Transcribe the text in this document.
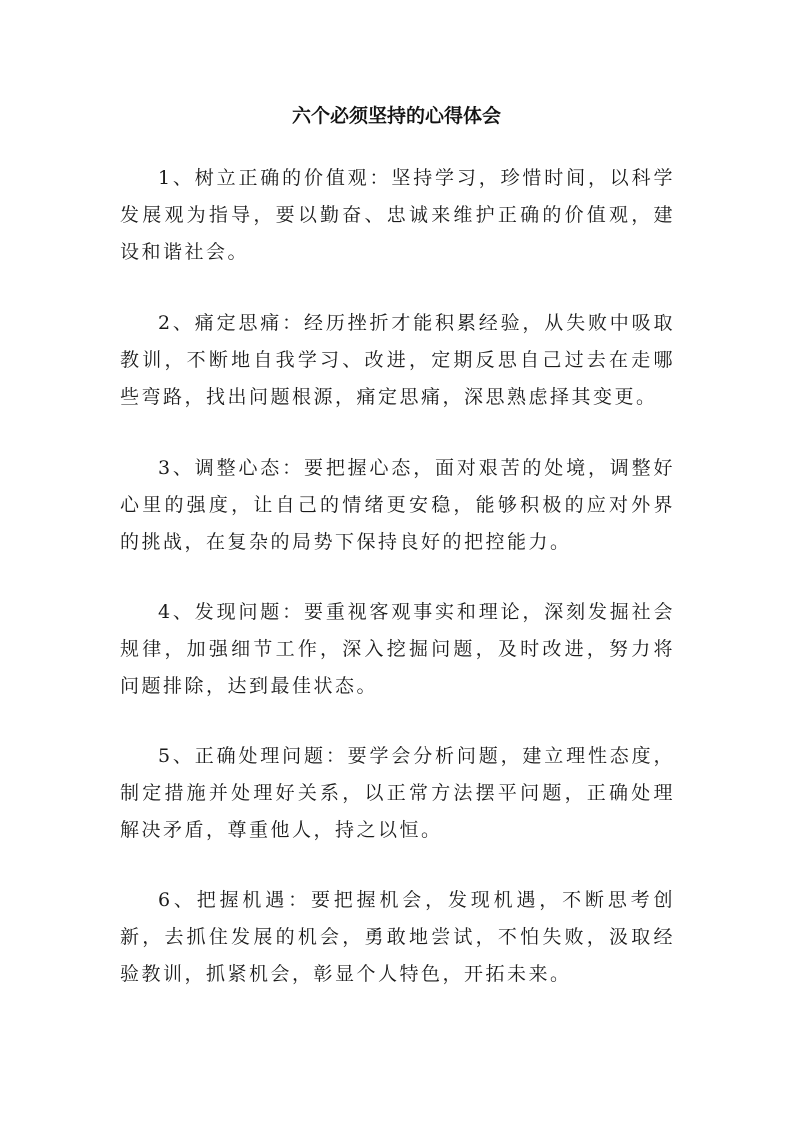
六个必须坚持的心得体会

1、树立正确的价值观：坚持学习，珍惜时间，以科学发展观为指导，要以勤奋、忠诚来维护正确的价值观，建设和谐社会。

2、痛定思痛：经历挫折才能积累经验，从失败中吸取教训，不断地自我学习、改进，定期反思自己过去在走哪些弯路，找出问题根源，痛定思痛，深思熟虑择其变更。

3、调整心态：要把握心态，面对艰苦的处境，调整好心里的强度，让自己的情绪更安稳，能够积极的应对外界的挑战，在复杂的局势下保持良好的把控能力。

4、发现问题：要重视客观事实和理论，深刻发掘社会规律，加强细节工作，深入挖掘问题，及时改进，努力将问题排除，达到最佳状态。

5、正确处理问题：要学会分析问题，建立理性态度，制定措施并处理好关系，以正常方法摆平问题，正确处理解决矛盾，尊重他人，持之以恒。

6、把握机遇：要把握机会，发现机遇，不断思考创新，去抓住发展的机会，勇敢地尝试，不怕失败，汲取经验教训，抓紧机会，彰显个人特色，开拓未来。
